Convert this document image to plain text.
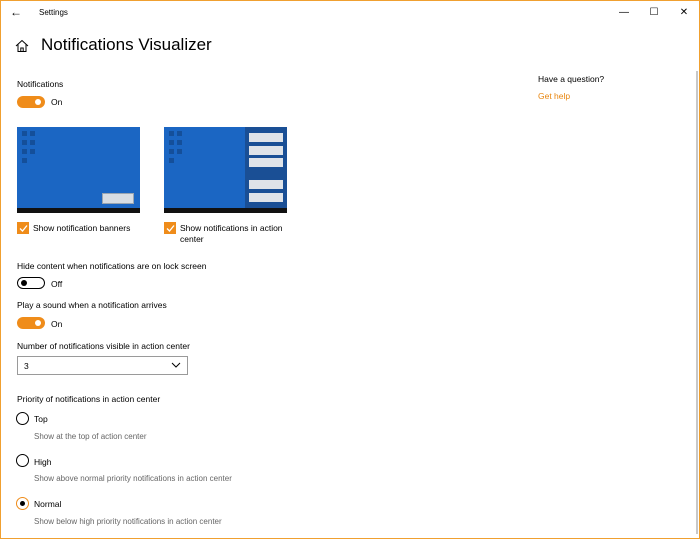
←	Settings	—	☐	✕
Notifications Visualizer
Notifications
On
Show notification banners	Show notifications in action
center
Hide content when notifications are on lock screen
Off
Play a sound when a notification arrives
On
Number of notifications visible in action center
3
Priority of notifications in action center
Top
Show at the top of action center
High
Show above normal priority notifications in action center
Normal
Show below high priority notifications in action center
Have a question?
Get help
